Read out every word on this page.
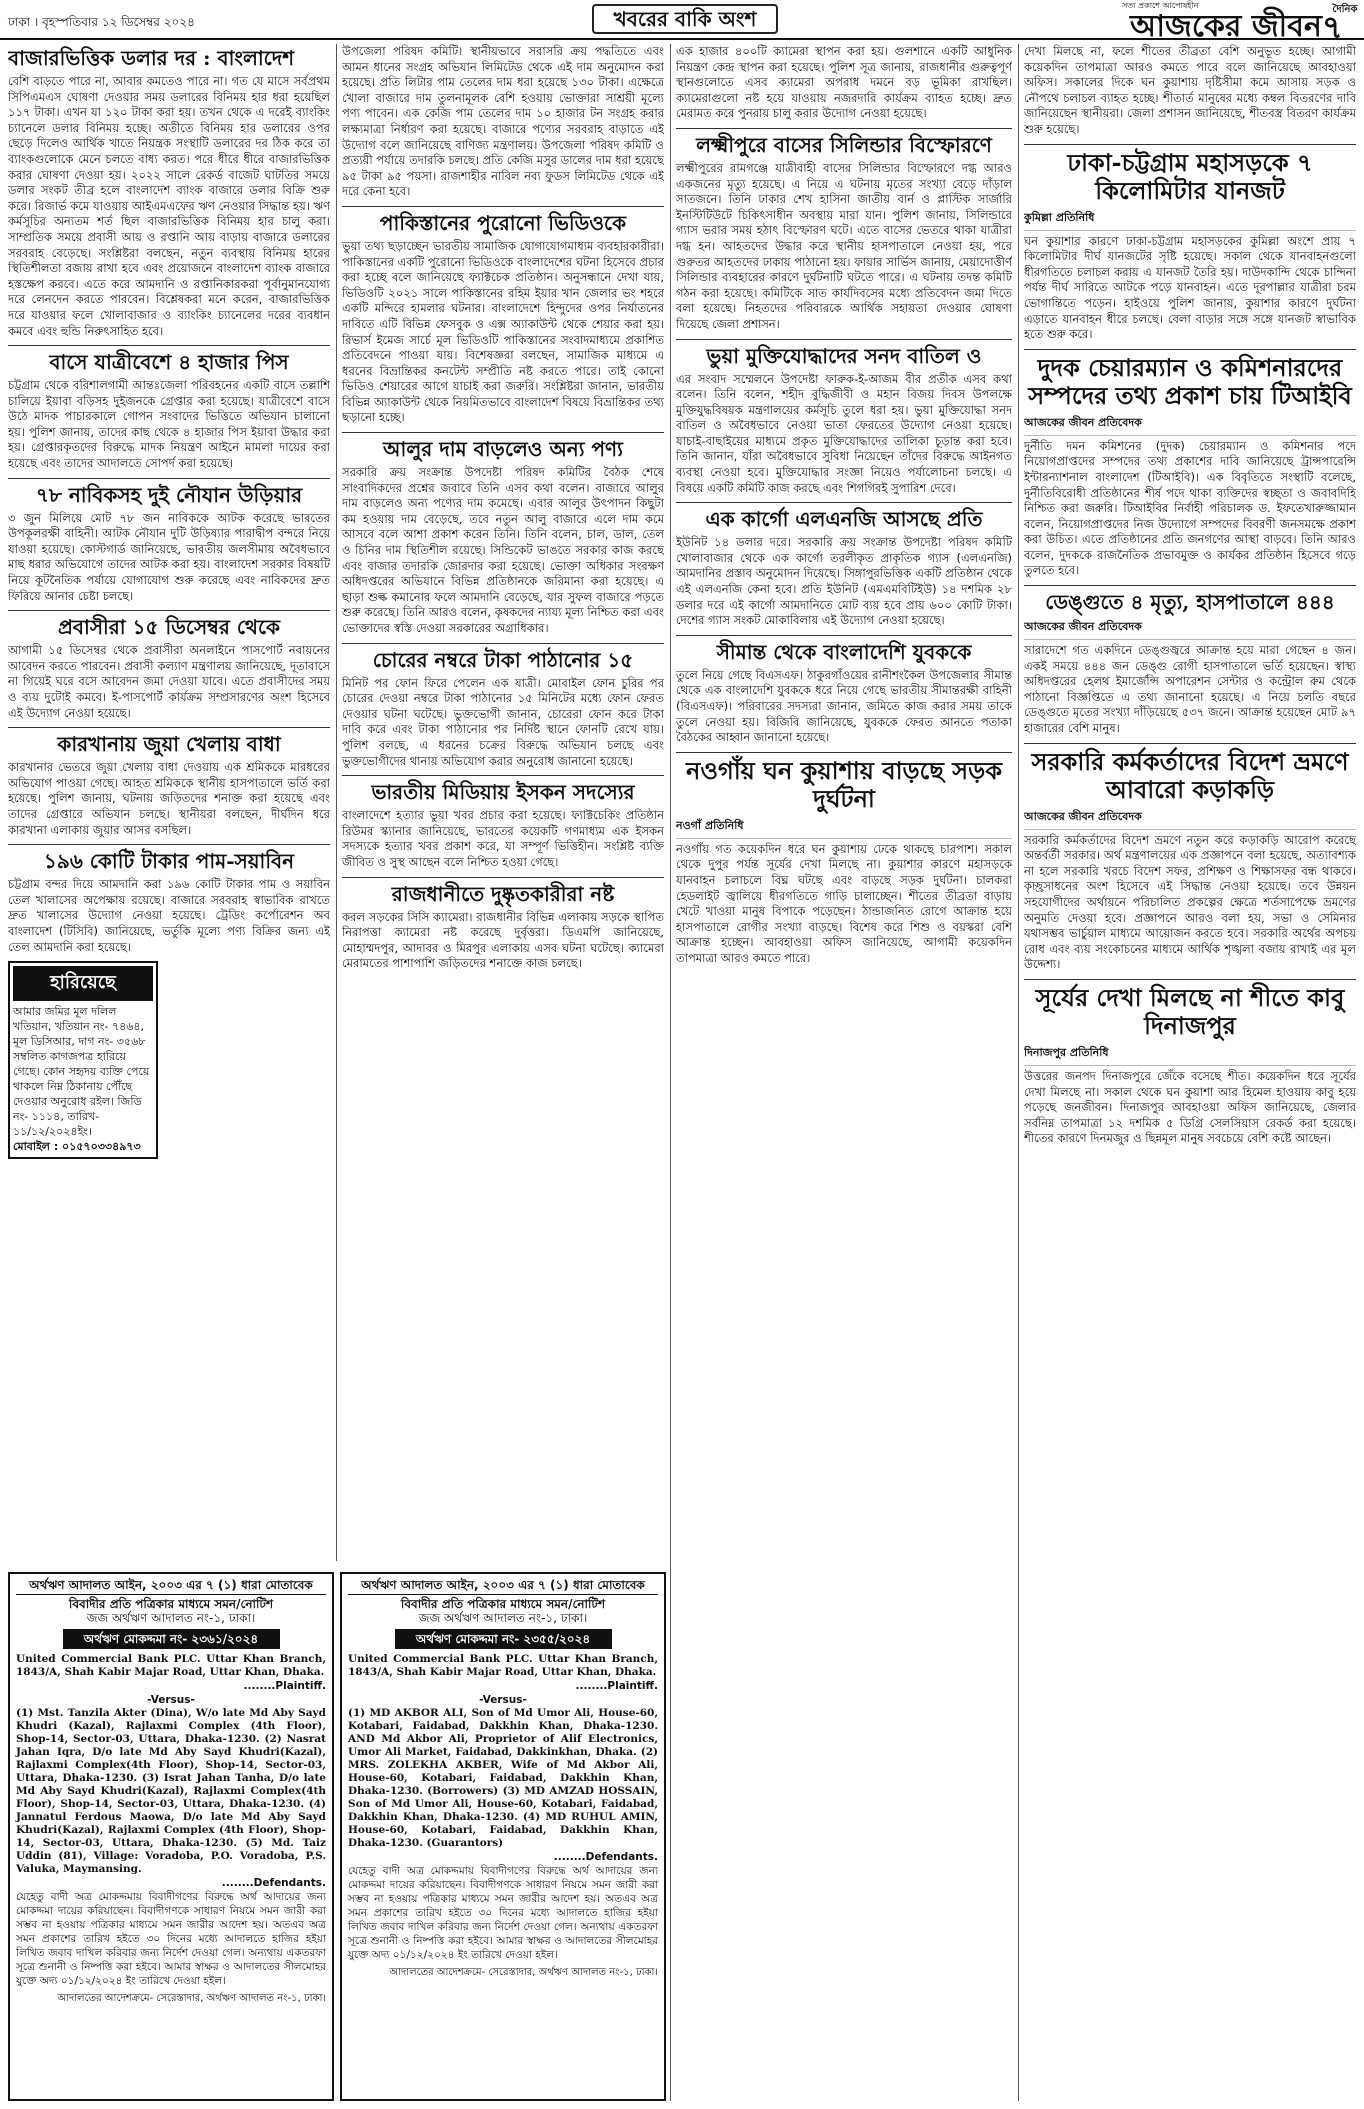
ঢাকা । বৃহস্পতিবার ১২ ডিসেম্বর ২০২৪	খবরের বাকি অংশ
সত্য প্রকাশে আপোষহীন
আজকের জীবন $^{দৈনিক}$
৭
বাজারভিত্তিক ডলার দর : বাংলাদেশ
বেশি বাড়তে পারে না, আবার কমতেও পারে না। গত যে মাসে সর্বপ্রথম সিপিএমএস ঘোষণা দেওয়ার সময় ডলারের বিনিময় হার ধরা হয়েছিল ১১৭ টাকা। এখন যা ১২০ টাকা করা হয়। তখন থেকে এ দরেই ব্যাংকিং চ্যানেলে ডলার বিনিময় হচ্ছে। অতীতে বিনিময় হার ডলারের ওপর ছেড়ে দিলেও আর্থিক খাতে নিয়ন্ত্রক সংস্থাটি ডলারের দর ঠিক করে তা ব্যাংকগুলোকে মেনে চলতে বাধ্য করত। পরে ধীরে ধীরে বাজারভিত্তিক করার ঘোষণা দেওয়া হয়। ২০২২ সালে রেকর্ড বাজেট ঘাটতির সময়ে ডলার সংকট তীব্র হলে বাংলাদেশ ব্যাংক বাজারে ডলার বিক্রি শুরু করে। রিজার্ভ কমে যাওয়ায় আইএমএফের ঋণ নেওয়ার সিদ্ধান্ত হয়। ঋণ কর্মসূচির অন্যতম শর্ত ছিল বাজারভিত্তিক বিনিময় হার চালু করা। সাম্প্রতিক সময়ে প্রবাসী আয় ও রপ্তানি আয় বাড়ায় বাজারে ডলারের সরবরাহ বেড়েছে। সংশ্লিষ্টরা বলছেন, নতুন ব্যবস্থায় বিনিময় হারের স্থিতিশীলতা বজায় রাখা হবে এবং প্রয়োজনে বাংলাদেশ ব্যাংক বাজারে হস্তক্ষেপ করবে। এতে করে আমদানি ও রপ্তানিকারকরা পূর্বানুমানযোগ্য দরে লেনদেন করতে পারবেন। বিশ্লেষকরা মনে করেন, বাজারভিত্তিক দরে যাওয়ার ফলে খোলাবাজার ও ব্যাংকিং চ্যানেলের দরের ব্যবধান কমবে এবং হুন্ডি নিরুৎসাহিত হবে।
বাসে যাত্রীবেশে ৪ হাজার পিস
চট্টগ্রাম থেকে বরিশালগামী আন্তঃজেলা পরিবহনের একটি বাসে তল্লাশি চালিয়ে ইয়াবা বড়িসহ দুইজনকে গ্রেপ্তার করা হয়েছে। যাত্রীবেশে বাসে উঠে মাদক পাচারকালে গোপন সংবাদের ভিত্তিতে অভিযান চালানো হয়। পুলিশ জানায়, তাদের কাছ থেকে ৪ হাজার পিস ইয়াবা উদ্ধার করা হয়। গ্রেপ্তারকৃতদের বিরুদ্ধে মাদক নিয়ন্ত্রণ আইনে মামলা দায়ের করা হয়েছে এবং তাদের আদালতে সোপর্দ করা হয়েছে।
৭৮ নাবিকসহ দুই নৌযান উড়িয়ার
৩ জুন মিলিয়ে মোট ৭৮ জন নাবিককে আটক করেছে ভারতের উপকূলরক্ষী বাহিনী। আটক নৌযান দুটি উড়িষ্যার পারাদ্বীপ বন্দরে নিয়ে যাওয়া হয়েছে। কোস্টগার্ড জানিয়েছে, ভারতীয় জলসীমায় অবৈধভাবে মাছ ধরার অভিযোগে তাদের আটক করা হয়। বাংলাদেশ সরকার বিষয়টি নিয়ে কূটনৈতিক পর্যায়ে যোগাযোগ শুরু করেছে এবং নাবিকদের দ্রুত ফিরিয়ে আনার চেষ্টা চলছে।
প্রবাসীরা ১৫ ডিসেম্বর থেকে
আগামী ১৫ ডিসেম্বর থেকে প্রবাসীরা অনলাইনে পাসপোর্ট নবায়নের আবেদন করতে পারবেন। প্রবাসী কল্যাণ মন্ত্রণালয় জানিয়েছে, দূতাবাসে না গিয়েই ঘরে বসে আবেদন জমা দেওয়া যাবে। এতে প্রবাসীদের সময় ও ব্যয় দুটোই কমবে। ই-পাসপোর্ট কার্যক্রম সম্প্রসারণের অংশ হিসেবে এই উদ্যোগ নেওয়া হয়েছে।
কারখানায় জুয়া খেলায় বাধা
কারখানার ভেতরে জুয়া খেলায় বাধা দেওয়ায় এক শ্রমিককে মারধরের অভিযোগ পাওয়া গেছে। আহত শ্রমিককে স্থানীয় হাসপাতালে ভর্তি করা হয়েছে। পুলিশ জানায়, ঘটনায় জড়িতদের শনাক্ত করা হয়েছে এবং তাদের গ্রেপ্তারে অভিযান চলছে। স্থানীয়রা বলছেন, দীর্ঘদিন ধরে কারখানা এলাকায় জুয়ার আসর বসছিল।
১৯৬ কোটি টাকার পাম-সয়াবিন
চট্টগ্রাম বন্দর দিয়ে আমদানি করা ১৯৬ কোটি টাকার পাম ও সয়াবিন তেল খালাসের অপেক্ষায় রয়েছে। বাজারে সরবরাহ স্বাভাবিক রাখতে দ্রুত খালাসের উদ্যোগ নেওয়া হয়েছে। ট্রেডিং কর্পোরেশন অব বাংলাদেশ (টিসিবি) জানিয়েছে, ভর্তুকি মূল্যে পণ্য বিক্রির জন্য এই তেল আমদানি করা হয়েছে।
হারিয়েছে
আমার জমির মূল দলিল খতিয়ান, খতিয়ান নং- ৭৪৬৪, মূল ডিসিআর, দাগ নং- ৩৫৬৮ সম্বলিত কাগজপত্র হারিয়ে গেছে। কোন সহৃদয় ব্যক্তি পেয়ে থাকলে নিম্ন ঠিকানায় পৌঁছে দেওয়ার অনুরোধ রইল। জিডি নং- ১১১৪, তারিখ- ১১/১২/২০২৪ইং।
মোবাইল : ০১৫৭০৩৩৪৯৭৩
উপজেলা পরিষদ কমিটি। স্থানীয়ভাবে সরাসরি ক্রয় পদ্ধতিতে এবং আমন ধানের সংগ্রহ অভিযান লিমিটেড থেকে এই দাম অনুমোদন করা হয়েছে। প্রতি লিটার পাম তেলের দাম ধরা হয়েছে ১৩০ টাকা। এক্ষেত্রে খোলা বাজারে দাম তুলনামূলক বেশি হওয়ায় ভোক্তারা সাশ্রয়ী মূল্যে পণ্য পাবেন। এক কেজি পাম তেলের দাম ১০ হাজার টন সংগ্রহ করার লক্ষ্যমাত্রা নির্ধারণ করা হয়েছে। বাজারে পণ্যের সরবরাহ বাড়াতে এই উদ্যোগ বলে জানিয়েছে বাণিজ্য মন্ত্রণালয়। উপজেলা পরিষদ কমিটি ও প্রত্যয়ী পর্যায়ে তদারকি চলছে। প্রতি কেজি মসুর ডালের দাম ধরা হয়েছে ৯৫ টাকা ৯৫ পয়সা। রাজশাহীর নাবিল নব্য ফুডস লিমিটেড থেকে এই দরে কেনা হবে।
পাকিস্তানের পুরোনো ভিডিওকে
ভুয়া তথ্য ছড়াচ্ছেন ভারতীয় সামাজিক যোগাযোগমাধ্যম ব্যবহারকারীরা। পাকিস্তানের একটি পুরোনো ভিডিওকে বাংলাদেশের ঘটনা হিসেবে প্রচার করা হচ্ছে বলে জানিয়েছে ফ্যাক্টচেক প্রতিষ্ঠান। অনুসন্ধানে দেখা যায়, ভিডিওটি ২০২১ সালে পাকিস্তানের রহিম ইয়ার খান জেলার ভং শহরে একটি মন্দিরে হামলার ঘটনার। বাংলাদেশে হিন্দুদের ওপর নির্যাতনের দাবিতে এটি বিভিন্ন ফেসবুক ও এক্স অ্যাকাউন্ট থেকে শেয়ার করা হয়। রিভার্স ইমেজ সার্চে মূল ভিডিওটি পাকিস্তানের সংবাদমাধ্যমে প্রকাশিত প্রতিবেদনে পাওয়া যায়। বিশেষজ্ঞরা বলছেন, সামাজিক মাধ্যমে এ ধরনের বিভ্রান্তিকর কনটেন্ট সম্প্রীতি নষ্ট করতে পারে। তাই কোনো ভিডিও শেয়ারের আগে যাচাই করা জরুরি। সংশ্লিষ্টরা জানান, ভারতীয় বিভিন্ন অ্যাকাউন্ট থেকে নিয়মিতভাবে বাংলাদেশ বিষয়ে বিভ্রান্তিকর তথ্য ছড়ানো হচ্ছে।
আলুর দাম বাড়লেও অন্য পণ্য
সরকারি ক্রয় সংক্রান্ত উপদেষ্টা পরিষদ কমিটির বৈঠক শেষে সাংবাদিকদের প্রশ্নের জবাবে তিনি এসব কথা বলেন। বাজারে আলুর দাম বাড়লেও অন্য পণ্যের দাম কমেছে। এবার আলুর উৎপাদন কিছুটা কম হওয়ায় দাম বেড়েছে, তবে নতুন আলু বাজারে এলে দাম কমে আসবে বলে আশা প্রকাশ করেন তিনি। তিনি বলেন, চাল, ডাল, তেল ও চিনির দাম স্থিতিশীল রয়েছে। সিন্ডিকেট ভাঙতে সরকার কাজ করছে এবং বাজার তদারকি জোরদার করা হয়েছে। ভোক্তা অধিকার সংরক্ষণ অধিদপ্তরের অভিযানে বিভিন্ন প্রতিষ্ঠানকে জরিমানা করা হয়েছে। এ ছাড়া শুল্ক কমানোর ফলে আমদানি বেড়েছে, যার সুফল বাজারে পড়তে শুরু করেছে। তিনি আরও বলেন, কৃষকদের ন্যায্য মূল্য নিশ্চিত করা এবং ভোক্তাদের স্বস্তি দেওয়া সরকারের অগ্রাধিকার।
চোরের নম্বরে টাকা পাঠানোর ১৫
মিনিট পর ফোন ফিরে পেলেন এক যাত্রী। মোবাইল ফোন চুরির পর চোরের দেওয়া নম্বরে টাকা পাঠানোর ১৫ মিনিটের মধ্যে ফোন ফেরত দেওয়ার ঘটনা ঘটেছে। ভুক্তভোগী জানান, চোরেরা ফোন করে টাকা দাবি করে এবং টাকা পাঠানোর পর নির্দিষ্ট স্থানে ফোনটি রেখে যায়। পুলিশ বলছে, এ ধরনের চক্রের বিরুদ্ধে অভিযান চলছে এবং ভুক্তভোগীদের থানায় অভিযোগ করার অনুরোধ জানানো হয়েছে।
ভারতীয় মিডিয়ায় ইসকন সদস্যের
বাংলাদেশে হত্যার ভুয়া খবর প্রচার করা হয়েছে। ফ্যাক্টচেকিং প্রতিষ্ঠান রিউমর স্ক্যানার জানিয়েছে, ভারতের কয়েকটি গণমাধ্যম এক ইসকন সদস্যকে হত্যার খবর প্রকাশ করে, যা সম্পূর্ণ ভিত্তিহীন। সংশ্লিষ্ট ব্যক্তি জীবিত ও সুস্থ আছেন বলে নিশ্চিত হওয়া গেছে।
রাজধানীতে দুষ্কৃতকারীরা নষ্ট
করল সড়কের সিসি ক্যামেরা। রাজধানীর বিভিন্ন এলাকায় সড়কে স্থাপিত নিরাপত্তা ক্যামেরা নষ্ট করেছে দুর্বৃত্তরা। ডিএমপি জানিয়েছে, মোহাম্মদপুর, আদাবর ও মিরপুর এলাকায় এসব ঘটনা ঘটেছে। ক্যামেরা মেরামতের পাশাপাশি জড়িতদের শনাক্তে কাজ চলছে।
এক হাজার ৪০০টি ক্যামেরা স্থাপন করা হয়। গুলশানে একটি আধুনিক নিয়ন্ত্রণ কেন্দ্র স্থাপন করা হয়েছে। পুলিশ সূত্র জানায়, রাজধানীর গুরুত্বপূর্ণ স্থানগুলোতে এসব ক্যামেরা অপরাধ দমনে বড় ভূমিকা রাখছিল। ক্যামেরাগুলো নষ্ট হয়ে যাওয়ায় নজরদারি কার্যক্রম ব্যাহত হচ্ছে। দ্রুত মেরামত করে পুনরায় চালু করার উদ্যোগ নেওয়া হয়েছে।
লক্ষ্মীপুরে বাসের সিলিন্ডার বিস্ফোরণে
লক্ষ্মীপুরের রামগঞ্জে যাত্রীবাহী বাসের সিলিন্ডার বিস্ফোরণে দগ্ধ আরও একজনের মৃত্যু হয়েছে। এ নিয়ে এ ঘটনায় মৃতের সংখ্যা বেড়ে দাঁড়াল সাতজনে। তিনি ঢাকার শেখ হাসিনা জাতীয় বার্ন ও প্লাস্টিক সার্জারি ইনস্টিটিউটে চিকিৎসাধীন অবস্থায় মারা যান। পুলিশ জানায়, সিলিন্ডারে গ্যাস ভরার সময় হঠাৎ বিস্ফোরণ ঘটে। এতে বাসের ভেতরে থাকা যাত্রীরা দগ্ধ হন। আহতদের উদ্ধার করে স্থানীয় হাসপাতালে নেওয়া হয়, পরে গুরুতর আহতদের ঢাকায় পাঠানো হয়। ফায়ার সার্ভিস জানায়, মেয়াদোত্তীর্ণ সিলিন্ডার ব্যবহারের কারণে দুর্ঘটনাটি ঘটতে পারে। এ ঘটনায় তদন্ত কমিটি গঠন করা হয়েছে। কমিটিকে সাত কার্যদিবসের মধ্যে প্রতিবেদন জমা দিতে বলা হয়েছে। নিহতদের পরিবারকে আর্থিক সহায়তা দেওয়ার ঘোষণা দিয়েছে জেলা প্রশাসন।
ভুয়া মুক্তিযোদ্ধাদের সনদ বাতিল ও
এর সংবাদ সম্মেলনে উপদেষ্টা ফারুক-ই-আজম বীর প্রতীক এসব কথা বলেন। তিনি বলেন, শহীদ বুদ্ধিজীবী ও মহান বিজয় দিবস উপলক্ষে মুক্তিযুদ্ধবিষয়ক মন্ত্রণালয়ের কর্মসূচি তুলে ধরা হয়। ভুয়া মুক্তিযোদ্ধা সনদ বাতিল ও অবৈধভাবে নেওয়া ভাতা ফেরতের উদ্যোগ নেওয়া হয়েছে। যাচাই-বাছাইয়ের মাধ্যমে প্রকৃত মুক্তিযোদ্ধাদের তালিকা চূড়ান্ত করা হবে। তিনি জানান, যাঁরা অবৈধভাবে সুবিধা নিয়েছেন তাঁদের বিরুদ্ধে আইনগত ব্যবস্থা নেওয়া হবে। মুক্তিযোদ্ধার সংজ্ঞা নিয়েও পর্যালোচনা চলছে। এ বিষয়ে একটি কমিটি কাজ করছে এবং শিগগিরই সুপারিশ দেবে।
এক কার্গো এলএনজি আসছে প্রতি
ইউনিট ১৪ ডলার দরে। সরকারি ক্রয় সংক্রান্ত উপদেষ্টা পরিষদ কমিটি খোলাবাজার থেকে এক কার্গো তরলীকৃত প্রাকৃতিক গ্যাস (এলএনজি) আমদানির প্রস্তাব অনুমোদন দিয়েছে। সিঙ্গাপুরভিত্তিক একটি প্রতিষ্ঠান থেকে এই এলএনজি কেনা হবে। প্রতি ইউনিট (এমএমবিটিইউ) ১৪ দশমিক ২৮ ডলার দরে এই কার্গো আমদানিতে মোট ব্যয় হবে প্রায় ৬০০ কোটি টাকা। দেশের গ্যাস সংকট মোকাবিলায় এই উদ্যোগ নেওয়া হয়েছে।
সীমান্ত থেকে বাংলাদেশি যুবককে
তুলে নিয়ে গেছে বিএসএফ। ঠাকুরগাঁওয়ের রানীশংকৈল উপজেলার সীমান্ত থেকে এক বাংলাদেশি যুবককে ধরে নিয়ে গেছে ভারতীয় সীমান্তরক্ষী বাহিনী (বিএসএফ)। পরিবারের সদস্যরা জানান, জমিতে কাজ করার সময় তাকে তুলে নেওয়া হয়। বিজিবি জানিয়েছে, যুবককে ফেরত আনতে পতাকা বৈঠকের আহ্বান জানানো হয়েছে।
নওগাঁয় ঘন কুয়াশায় বাড়ছে সড়ক দুর্ঘটনা
নওগাঁ প্রতিনিধি
নওগাঁয় গত কয়েকদিন ধরে ঘন কুয়াশায় ঢেকে থাকছে চারপাশ। সকাল থেকে দুপুর পর্যন্ত সূর্যের দেখা মিলছে না। কুয়াশার কারণে মহাসড়কে যানবাহন চলাচলে বিঘ্ন ঘটছে এবং বাড়ছে সড়ক দুর্ঘটনা। চালকরা হেডলাইট জ্বালিয়ে ধীরগতিতে গাড়ি চালাচ্ছেন। শীতের তীব্রতা বাড়ায় খেটে খাওয়া মানুষ বিপাকে পড়েছেন। ঠান্ডাজনিত রোগে আক্রান্ত হয়ে হাসপাতালে রোগীর সংখ্যা বাড়ছে। বিশেষ করে শিশু ও বয়স্করা বেশি আক্রান্ত হচ্ছেন। আবহাওয়া অফিস জানিয়েছে, আগামী কয়েকদিন তাপমাত্রা আরও কমতে পারে।
দেখা মিলছে না, ফলে শীতের তীব্রতা বেশি অনুভূত হচ্ছে। আগামী কয়েকদিন তাপমাত্রা আরও কমতে পারে বলে জানিয়েছে আবহাওয়া অফিস। সকালের দিকে ঘন কুয়াশায় দৃষ্টিসীমা কমে আসায় সড়ক ও নৌপথে চলাচল ব্যাহত হচ্ছে। শীতার্ত মানুষের মধ্যে কম্বল বিতরণের দাবি জানিয়েছেন স্থানীয়রা। জেলা প্রশাসন জানিয়েছে, শীতবস্ত্র বিতরণ কার্যক্রম শুরু হয়েছে।
ঢাকা-চট্টগ্রাম মহাসড়কে ৭ কিলোমিটার যানজট
কুমিল্লা প্রতিনিধি
ঘন কুয়াশার কারণে ঢাকা-চট্টগ্রাম মহাসড়কের কুমিল্লা অংশে প্রায় ৭ কিলোমিটার দীর্ঘ যানজটের সৃষ্টি হয়েছে। সকাল থেকে যানবাহনগুলো ধীরগতিতে চলাচল করায় এ যানজট তৈরি হয়। দাউদকান্দি থেকে চান্দিনা পর্যন্ত দীর্ঘ সারিতে আটকে পড়ে যানবাহন। এতে দূরপাল্লার যাত্রীরা চরম ভোগান্তিতে পড়েন। হাইওয়ে পুলিশ জানায়, কুয়াশার কারণে দুর্ঘটনা এড়াতে যানবাহন ধীরে চলছে। বেলা বাড়ার সঙ্গে সঙ্গে যানজট স্বাভাবিক হতে শুরু করে।
দুদক চেয়ারম্যান ও কমিশনারদের সম্পদের তথ্য প্রকাশ চায় টিআইবি
আজকের জীবন প্রতিবেদক
দুর্নীতি দমন কমিশনের (দুদক) চেয়ারম্যান ও কমিশনার পদে নিয়োগপ্রাপ্তদের সম্পদের তথ্য প্রকাশের দাবি জানিয়েছে ট্রান্সপারেন্সি ইন্টারন্যাশনাল বাংলাদেশ (টিআইবি)। এক বিবৃতিতে সংস্থাটি বলেছে, দুর্নীতিবিরোধী প্রতিষ্ঠানের শীর্ষ পদে থাকা ব্যক্তিদের স্বচ্ছতা ও জবাবদিহি নিশ্চিত করা জরুরি। টিআইবির নির্বাহী পরিচালক ড. ইফতেখারুজ্জামান বলেন, নিয়োগপ্রাপ্তদের নিজ উদ্যোগে সম্পদের বিবরণী জনসমক্ষে প্রকাশ করা উচিত। এতে প্রতিষ্ঠানের প্রতি জনগণের আস্থা বাড়বে। তিনি আরও বলেন, দুদককে রাজনৈতিক প্রভাবমুক্ত ও কার্যকর প্রতিষ্ঠান হিসেবে গড়ে তুলতে হবে।
ডেঙ্গুতে ৪ মৃত্যু, হাসপাতালে ৪৪৪
আজকের জীবন প্রতিবেদক
সারাদেশে গত একদিনে ডেঙ্গুজ্বরে আক্রান্ত হয়ে মারা গেছেন ৪ জন। একই সময়ে ৪৪৪ জন ডেঙ্গু রোগী হাসপাতালে ভর্তি হয়েছেন। স্বাস্থ্য অধিদপ্তরের হেলথ ইমার্জেন্সি অপারেশন সেন্টার ও কন্ট্রোল রুম থেকে পাঠানো বিজ্ঞপ্তিতে এ তথ্য জানানো হয়েছে। এ নিয়ে চলতি বছরে ডেঙ্গুতে মৃতের সংখ্যা দাঁড়িয়েছে ৫৩৭ জনে। আক্রান্ত হয়েছেন মোট ৯৭ হাজারের বেশি মানুষ।
সরকারি কর্মকর্তাদের বিদেশ ভ্রমণে আবারো কড়াকড়ি
আজকের জীবন প্রতিবেদক
সরকারি কর্মকর্তাদের বিদেশ ভ্রমণে নতুন করে কড়াকড়ি আরোপ করেছে অন্তর্বর্তী সরকার। অর্থ মন্ত্রণালয়ের এক প্রজ্ঞাপনে বলা হয়েছে, অত্যাবশ্যক না হলে সরকারি খরচে বিদেশ সফর, প্রশিক্ষণ ও শিক্ষাসফর বন্ধ থাকবে। কৃচ্ছ্রসাধনের অংশ হিসেবে এই সিদ্ধান্ত নেওয়া হয়েছে। তবে উন্নয়ন সহযোগীদের অর্থায়নে পরিচালিত প্রকল্পের ক্ষেত্রে শর্তসাপেক্ষে ভ্রমণের অনুমতি দেওয়া হবে। প্রজ্ঞাপনে আরও বলা হয়, সভা ও সেমিনার যথাসম্ভব ভার্চুয়াল মাধ্যমে আয়োজন করতে হবে। সরকারি অর্থের অপচয় রোধ এবং ব্যয় সংকোচনের মাধ্যমে আর্থিক শৃঙ্খলা বজায় রাখাই এর মূল উদ্দেশ্য।
সূর্যের দেখা মিলছে না শীতে কাবু দিনাজপুর
দিনাজপুর প্রতিনিধি
উত্তরের জনপদ দিনাজপুরে জেঁকে বসেছে শীত। কয়েকদিন ধরে সূর্যের দেখা মিলছে না। সকাল থেকে ঘন কুয়াশা আর হিমেল হাওয়ায় কাবু হয়ে পড়েছে জনজীবন। দিনাজপুর আবহাওয়া অফিস জানিয়েছে, জেলার সর্বনিম্ন তাপমাত্রা ১২ দশমিক ৫ ডিগ্রি সেলসিয়াস রেকর্ড করা হয়েছে। শীতের কারণে দিনমজুর ও ছিন্নমূল মানুষ সবচেয়ে বেশি কষ্টে আছেন।
অর্থঋণ আদালত আইন, ২০০৩ এর ৭ (১) ধারা মোতাবেক
বিবাদীর প্রতি পত্রিকার মাধ্যমে সমন/নোটিশ
জজ অর্থঋণ আদালত নং-১, ঢাকা।
অর্থঋণ মোকদ্দমা নং- ২৩৬১/২০২৪
United Commercial Bank PLC. Uttar Khan Branch, 1843/A, Shah Kabir Majar Road, Uttar Khan, Dhaka.
........Plaintiff.
-Versus-
(1) Mst. Tanzila Akter (Dina), W/o late Md Aby Sayd Khudri (Kazal), Rajlaxmi Complex (4th Floor), Shop-14, Sector-03, Uttara, Dhaka-1230. (2) Nasrat Jahan Iqra, D/o late Md Aby Sayd Khudri(Kazal), Rajlaxmi Complex(4th Floor), Shop-14, Sector-03, Uttara, Dhaka-1230. (3) Israt Jahan Tanha, D/o late Md Aby Sayd Khudri(Kazal), Rajlaxmi Complex(4th Floor), Shop-14, Sector-03, Uttara, Dhaka-1230. (4) Jannatul Ferdous Maowa, D/o late Md Aby Sayd Khudri(Kazal), Rajlaxmi Complex (4th Floor), Shop-14, Sector-03, Uttara, Dhaka-1230. (5) Md. Taiz Uddin (81), Village: Voradoba, P.O. Voradoba, P.S. Valuka, Maymansing.
........Defendants.
যেহেতু বাদী অত্র মোকদ্দমায় বিবাদীগণের বিরুদ্ধে অর্থ আদায়ের জন্য মোকদ্দমা দায়ের করিয়াছেন। বিবাদীগণকে সাধারণ নিয়মে সমন জারী করা সম্ভব না হওয়ায় পত্রিকার মাধ্যমে সমন জারীর আদেশ হয়। অতএব অত্র সমন প্রকাশের তারিখ হইতে ৩০ দিনের মধ্যে আদালতে হাজির হইয়া লিখিত জবাব দাখিল করিবার জন্য নির্দেশ দেওয়া গেল। অন্যথায় একতরফা সূত্রে শুনানী ও নিষ্পত্তি করা হইবে। আমার স্বাক্ষর ও আদালতের সীলমোহর যুক্তে অদ্য ০১/১২/২০২৪ ইং তারিখে দেওয়া হইল।
আদালতের আদেশক্রমে- সেরেস্তাদার, অর্থঋণ আদালত নং-১, ঢাকা।
অর্থঋণ আদালত আইন, ২০০৩ এর ৭ (১) ধারা মোতাবেক
বিবাদীর প্রতি পত্রিকার মাধ্যমে সমন/নোটিশ
জজ অর্থঋণ আদালত নং-১, ঢাকা।
অর্থঋণ মোকদ্দমা নং- ২৩৫৫/২০২৪
United Commercial Bank PLC. Uttar Khan Branch, 1843/A, Shah Kabir Majar Road, Uttar Khan, Dhaka.
........Plaintiff.
-Versus-
(1) MD AKBOR ALI, Son of Md Umor Ali, House-60, Kotabari, Faidabad, Dakkhin Khan, Dhaka-1230. AND Md Akbor Ali, Proprietor of Alif Electronics, Umor Ali Market, Faidabad, Dakkinkhan, Dhaka. (2) MRS. ZOLEKHA AKBER, Wife of Md Akbor Ali, House-60, Kotabari, Faidabad, Dakkhin Khan, Dhaka-1230. (Borrowers) (3) MD AMZAD HOSSAIN, Son of Md Umor Ali, House-60, Kotabari, Faidabad, Dakkhin Khan, Dhaka-1230. (4) MD RUHUL AMIN, House-60, Kotabari, Faidabad, Dakkhin Khan, Dhaka-1230. (Guarantors)
........Defendants.
যেহেতু বাদী অত্র মোকদ্দমায় বিবাদীগণের বিরুদ্ধে অর্থ আদায়ের জন্য মোকদ্দমা দায়ের করিয়াছেন। বিবাদীগণকে সাধারণ নিয়মে সমন জারী করা সম্ভব না হওয়ায় পত্রিকার মাধ্যমে সমন জারীর আদেশ হয়। অতএব অত্র সমন প্রকাশের তারিখ হইতে ৩০ দিনের মধ্যে আদালতে হাজির হইয়া লিখিত জবাব দাখিল করিবার জন্য নির্দেশ দেওয়া গেল। অন্যথায় একতরফা সূত্রে শুনানী ও নিষ্পত্তি করা হইবে। আমার স্বাক্ষর ও আদালতের সীলমোহর যুক্তে অদ্য ০১/১২/২০২৪ ইং তারিখে দেওয়া হইল।
আদালতের আদেশক্রমে- সেরেস্তাদার, অর্থঋণ আদালত নং-১, ঢাকা।
